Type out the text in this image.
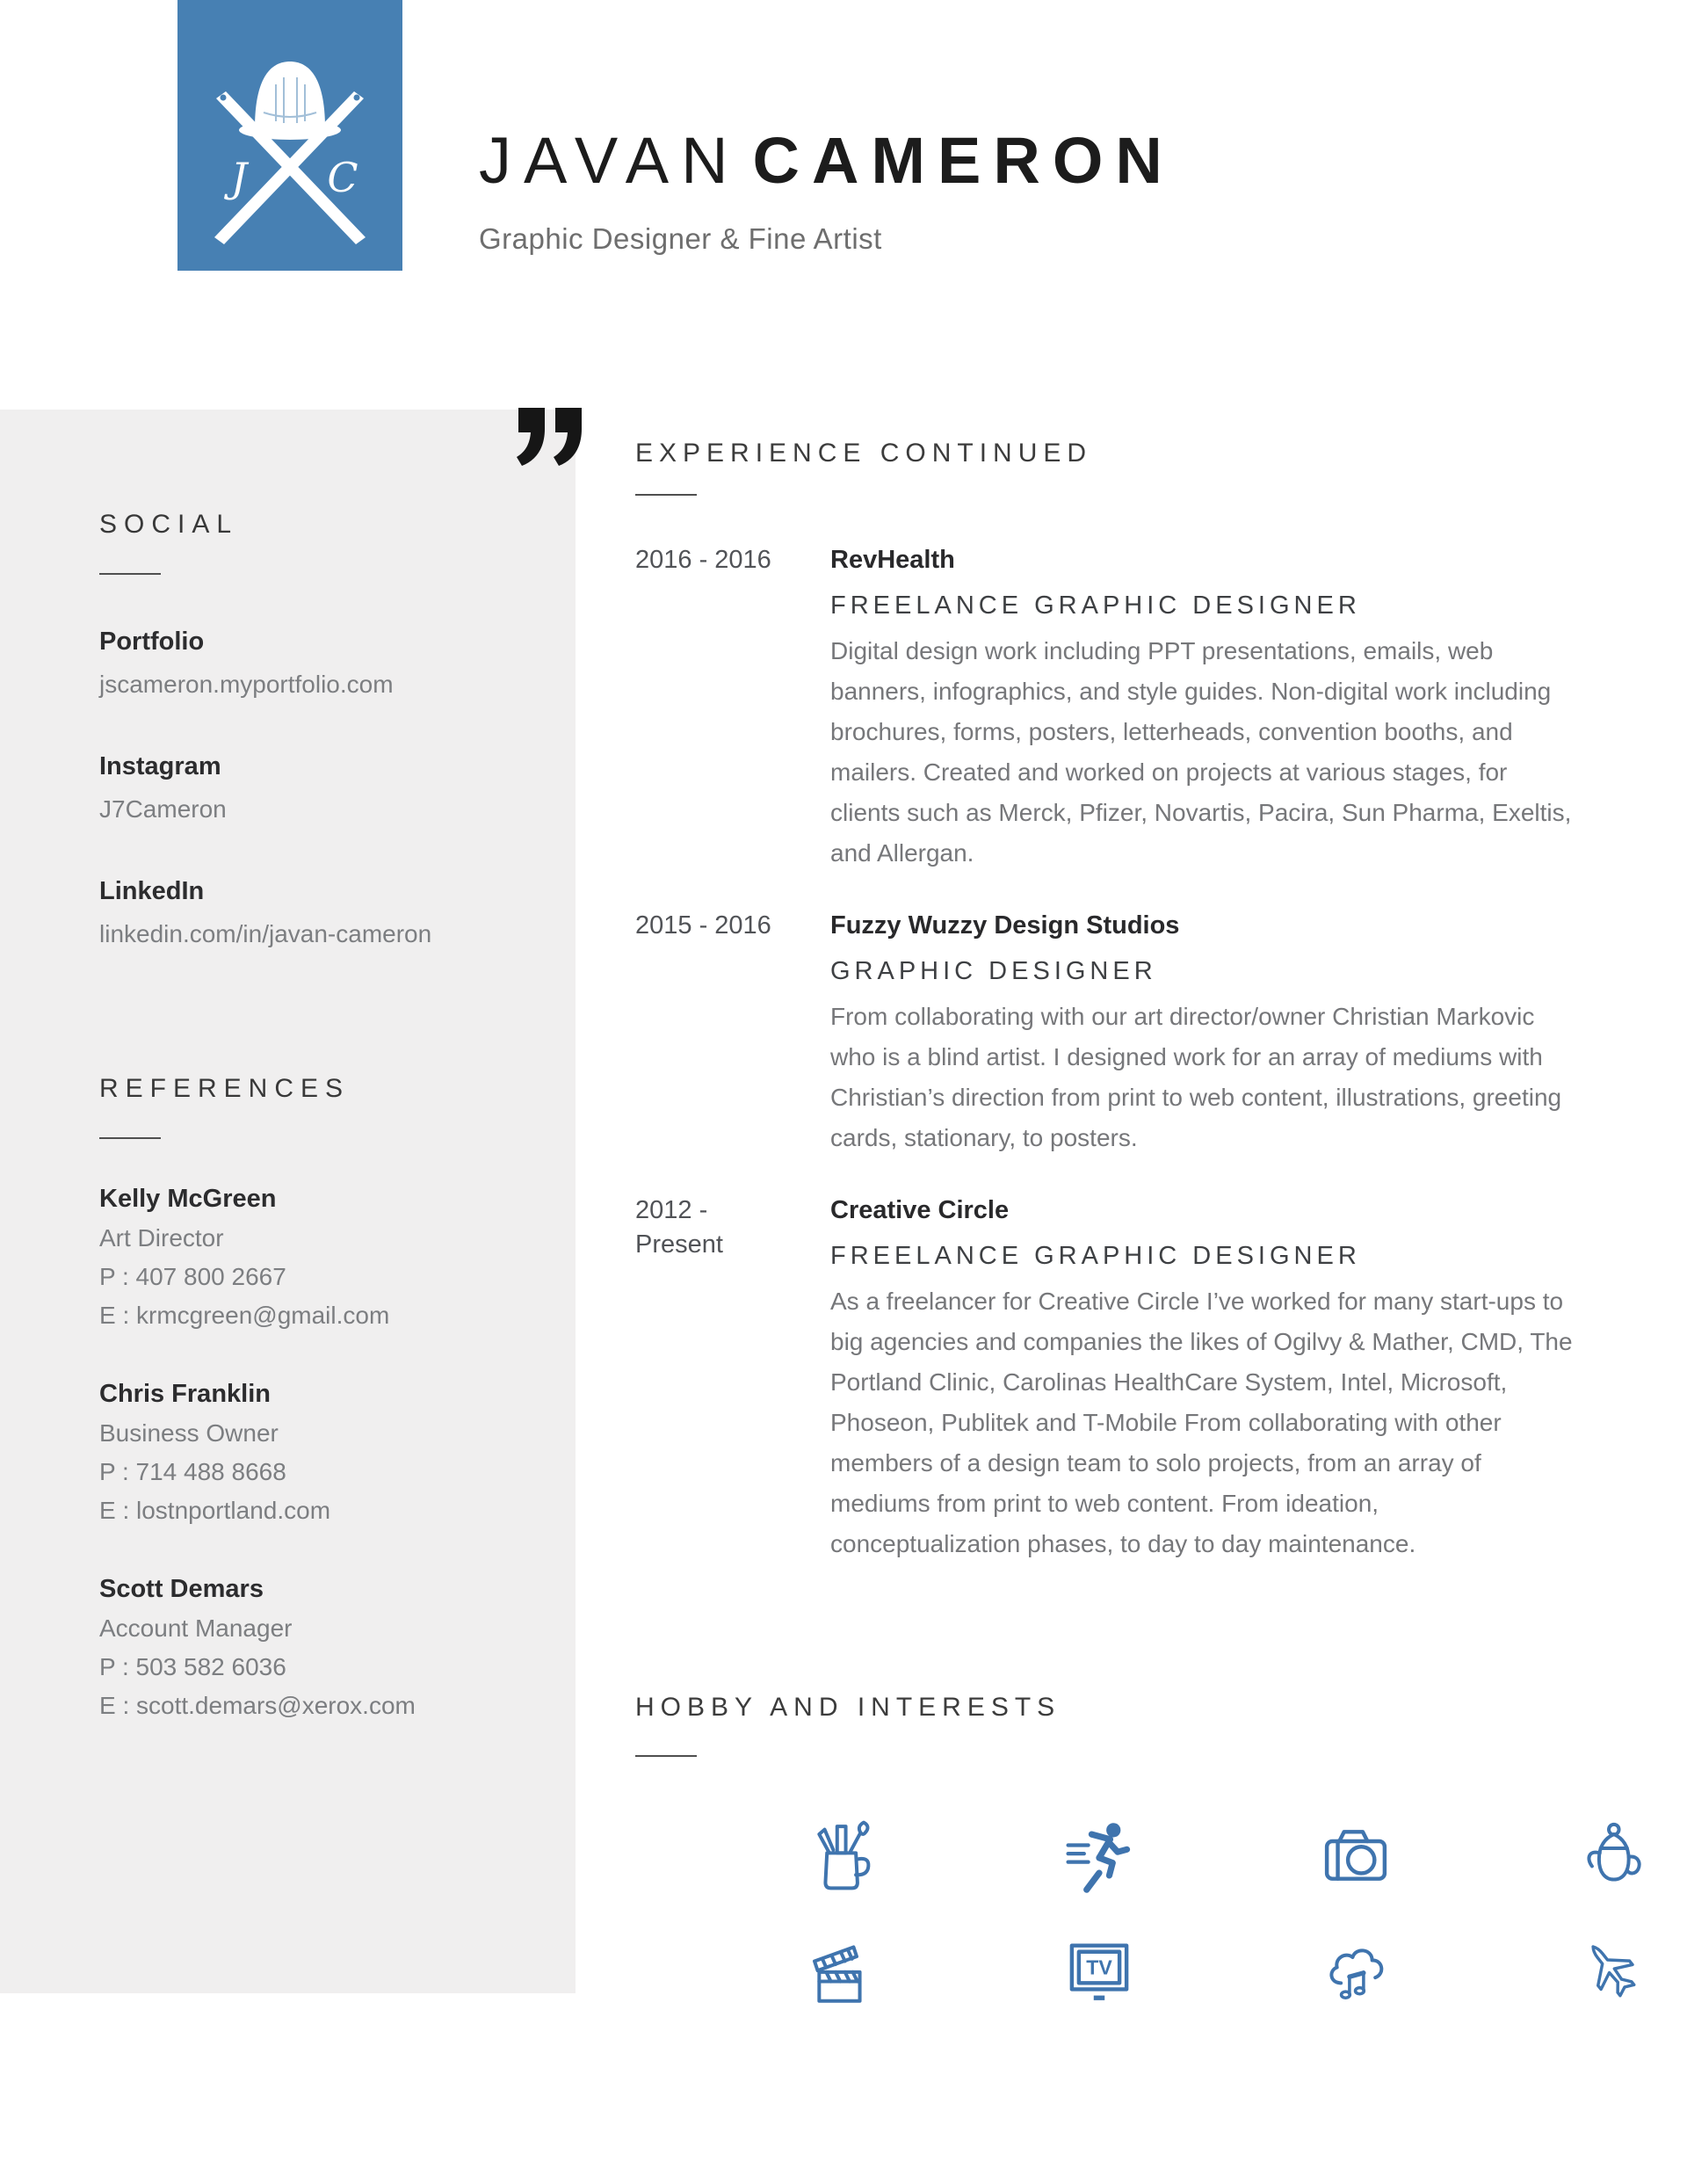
J C JAVAN CAMERON
Graphic Designer & Fine Artist
SOCIAL
Portfolio
jscameron.myportfolio.com
Instagram
J7Cameron
LinkedIn
linkedin.com/in/javan-cameron
REFERENCES
Kelly McGreen
Art Director
P : 407 800 2667
E : krmcgreen@gmail.com
Chris Franklin
Business Owner
P : 714 488 8668
E : lostnportland.com
Scott Demars
Account Manager
P : 503 582 6036
E : scott.demars@xerox.com
EXPERIENCE CONTINUED
2016 - 2016	RevHealth
FREELANCE GRAPHIC DESIGNER

Digital design work including PPT presentations, emails, web banners, infographics, and style guides. Non-digital work including brochures, forms, posters, letterheads, convention booths, and mailers. Created and worked on projects at various stages, for clients such as Merck, Pfizer, Novartis, Pacira, Sun Pharma, Exeltis, and Allergan.

2015 - 2016	Fuzzy Wuzzy Design Studios
GRAPHIC DESIGNER

From collaborating with our art director/owner Christian Markovic who is a blind artist. I designed work for an array of mediums with Christian’s direction from print to web content, illustrations, greeting cards, stationary, to posters.

2012 - Present
Creative Circle
FREELANCE GRAPHIC DESIGNER

As a freelancer for Creative Circle I’ve worked for many start-ups to big agencies and companies the likes of Ogilvy & Mather, CMD, The Portland Clinic, Carolinas HealthCare System, Intel, Microsoft, Phoseon, Publitek and T-Mobile From collaborating with other members of a design team to solo projects, from an array of mediums from print to web content. From ideation, conceptualization phases, to day to day maintenance.

HOBBY AND INTERESTS
TV
